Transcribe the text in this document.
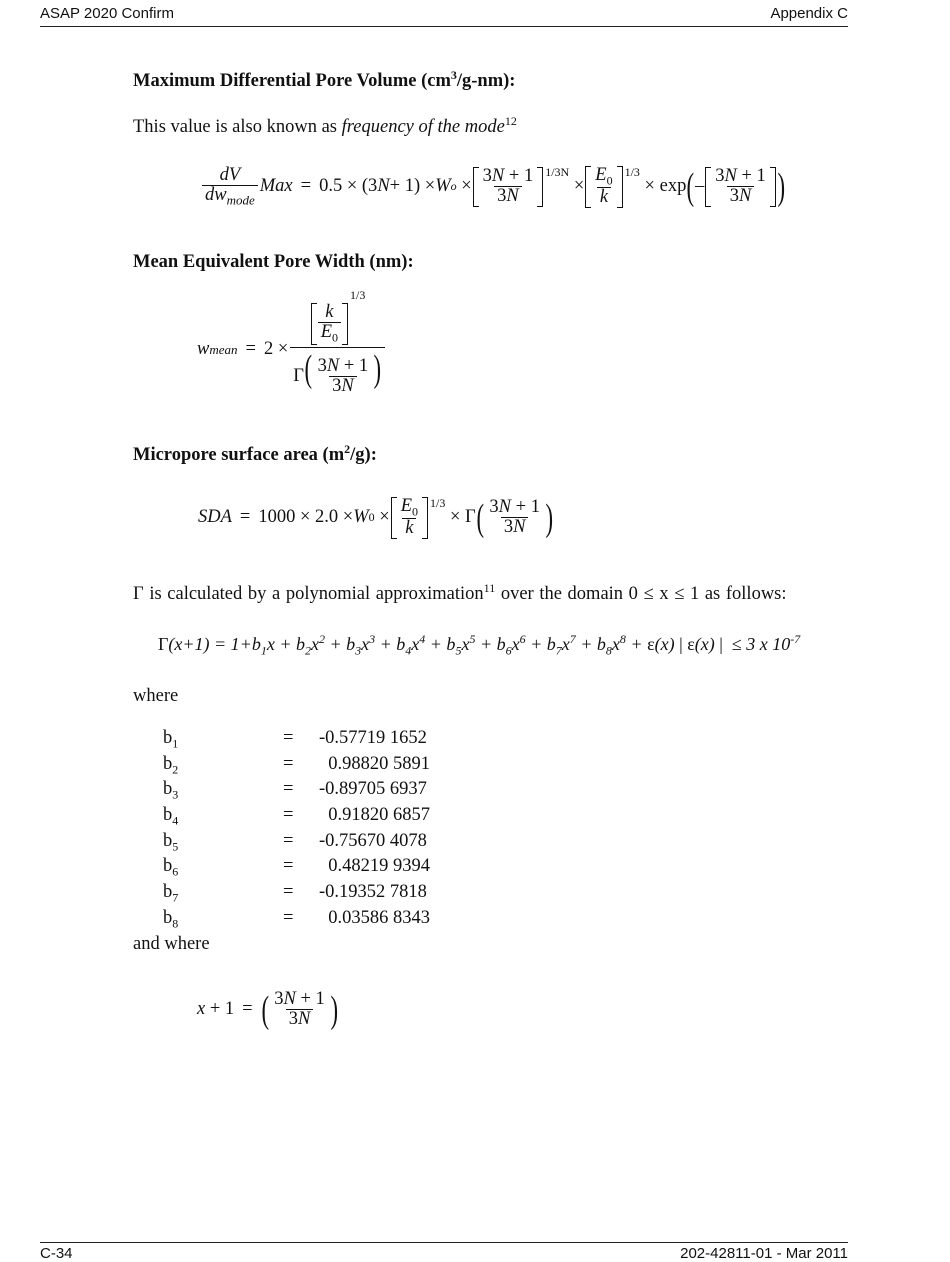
ASAP 2020 Confirm	Appendix C
Maximum Differential Pore Volume $(cm^3/g-nm)$:
This value is also known as frequency of the mode$^{12}$
$\frac{dV}{dw_{mode}}$ Max = 0.5 × (3 N + 1) × W $o \times \frac{3N + 1}{3N} 1/3N$
× $\frac{E_0}{k} 1/3$
× exp ( – $\frac{3N + 1}{3N}$ )
Mean Equivalent Pore Width (nm):
w mean = $2 \times \frac{k}{E_0}$
$^{1/3}$
$\Gamma( \frac{3N + 1}{3N}$ )
Micropore surface area $(m^2/g)$:
SDA = 1000 × 2.0 × W $0 \times \frac{E_0}{k} 1/3$
× Γ ( $\frac{3N + 1}{3N}$ )
Γ is calculated by a polynomial approximation$^{11}$ over the domain 0 ≤ x ≤ 1 as follows:
$\Gamma(x+1) = 1+b_1x + b_2x^2 + b_3x^3 + b_4x^4 + b_5x^5 + b_6x^6 + b_7x^7 + b_8x^8 + \varepsilon(x)$ | ε(x) | ≤ 3 x $10^{-7}$
where
$b_1$	= -0.57719 1652
$b_2$	= 0.98820 5891
$b_3$	= -0.89705 6937
$b_4$	= 0.91820 6857
$b_5$	= -0.75670 4078
$b_6$	= 0.48219 9394
$b_7$	= -0.19352 7818
$b_8$	= 0.03586 8343
and where
x + 1 = ( $\frac{3N + 1}{3N}$ )
C-34	202-42811-01 - Mar 2011
